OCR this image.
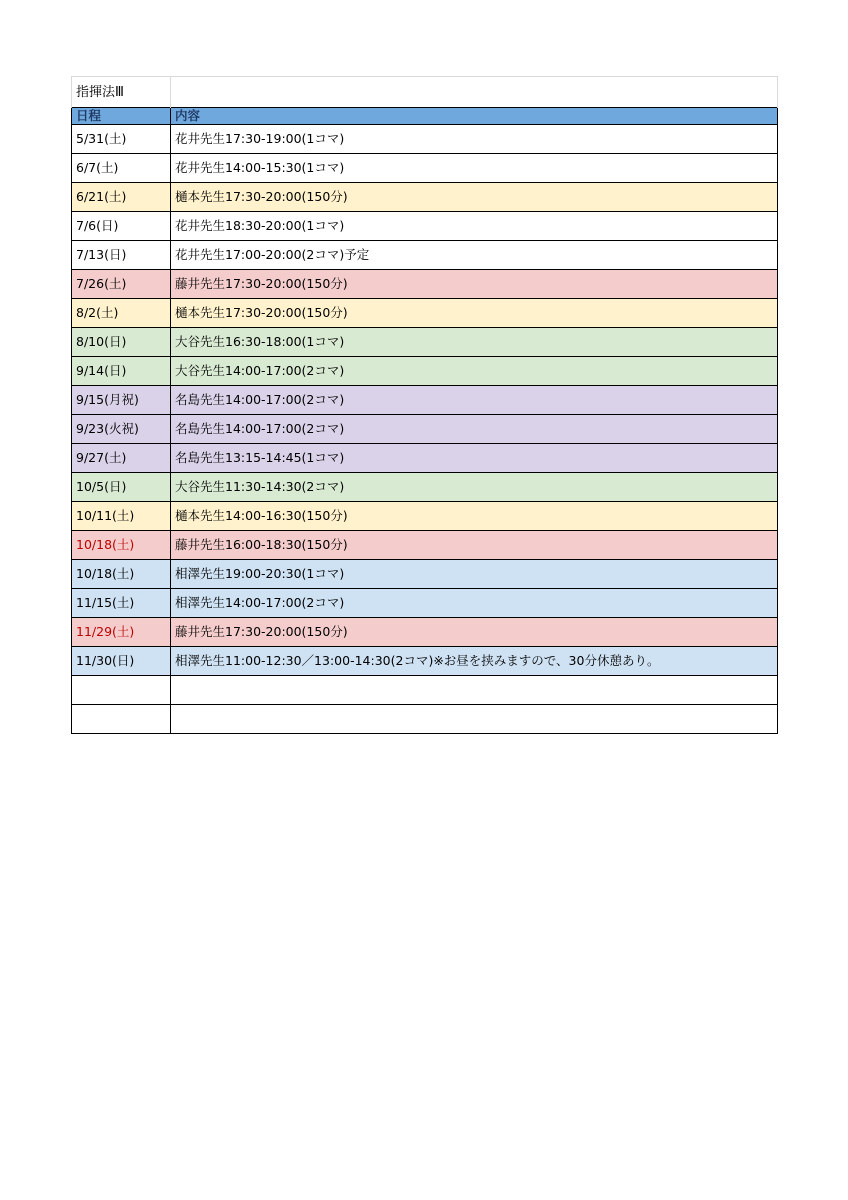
指揮法Ⅲ	
日程	内容
5/31(土)	花井先生17:30-19:00(1コマ)
6/7(土)	花井先生14:00-15:30(1コマ)
6/21(土)	樋本先生17:30-20:00(150分)
7/6(日)	花井先生18:30-20:00(1コマ)
7/13(日)	花井先生17:00-20:00(2コマ)予定
7/26(土)	藤井先生17:30-20:00(150分)
8/2(土)	樋本先生17:30-20:00(150分)
8/10(日)	大谷先生16:30-18:00(1コマ)
9/14(日)	大谷先生14:00-17:00(2コマ)
9/15(月祝)	名島先生14:00-17:00(2コマ)
9/23(火祝)	名島先生14:00-17:00(2コマ)
9/27(土)	名島先生13:15-14:45(1コマ)
10/5(日)	大谷先生11:30-14:30(2コマ)
10/11(土)	樋本先生14:00-16:30(150分)
10/18(土)	藤井先生16:00-18:30(150分)
10/18(土)	相澤先生19:00-20:30(1コマ)
11/15(土)	相澤先生14:00-17:00(2コマ)
11/29(土)	藤井先生17:30-20:00(150分)
11/30(日)	相澤先生11:00-12:30／13:00-14:30(2コマ)※お昼を挟みますので、30分休憩あり。
